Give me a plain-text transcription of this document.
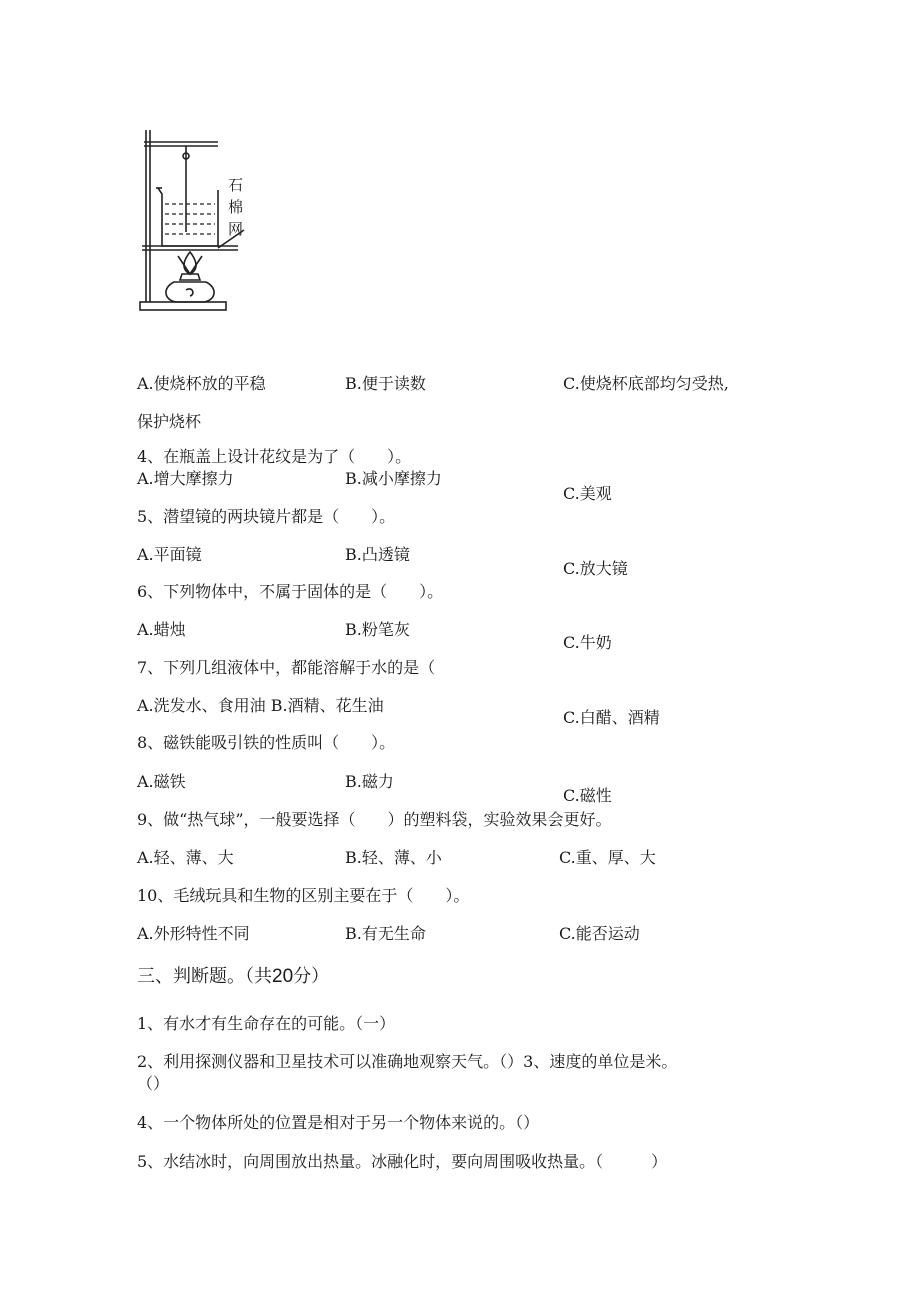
石
棉
网
A.使烧杯放的平稳	B.便于读数	C.使烧杯底部均匀受热,
保护烧杯
4、在瓶盖上设计花纹是为了（　　）。
A.增大摩擦力	B.减小摩擦力
C.美观
5、潜望镜的两块镜片都是（　　）。
A.平面镜	B.凸透镜
C.放大镜
6、下列物体中，不属于固体的是（　　）。
A.蜡烛	B.粉笔灰
C.牛奶
7、下列几组液体中，都能溶解于水的是（
A.洗发水、食用油 B.酒精、花生油
C.白醋、酒精
8、磁铁能吸引铁的性质叫（　　）。
A.磁铁	B.磁力
C.磁性
9、做“热气球”，一般要选择（　　）的塑料袋，实验效果会更好。
A.轻、薄、大	B.轻、薄、小	C.重、厚、大
10、毛绒玩具和生物的区别主要在于（　　）。
A.外形特性不同	B.有无生命	C.能否运动
三、判断题。（共20分）
1、有水才有生命存在的可能。（一）
2、利用探测仪器和卫星技术可以准确地观察天气。（）3、速度的单位是米。
（）
4、一个物体所处的位置是相对于另一个物体来说的。（）
5、水结冰时，向周围放出热量。冰融化时，要向周围吸收热量。（　　　）
